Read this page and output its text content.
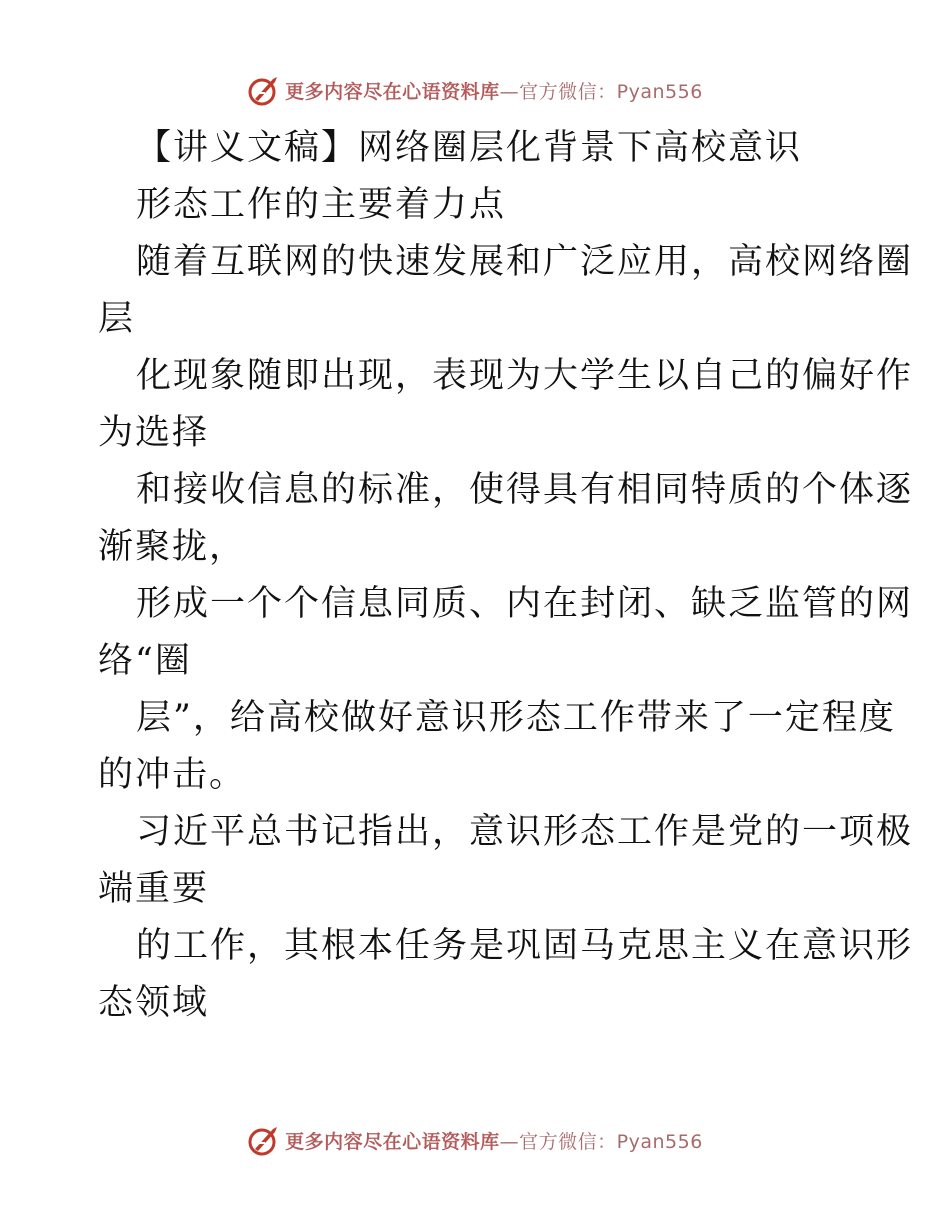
更多内容尽在心语资料库—官方微信：Pyan556
【讲义文稿】网络圈层化背景下高校意识
形态工作的主要着力点
随着互联网的快速发展和广泛应用，高校网络圈
层
化现象随即出现，表现为大学生以自己的偏好作
为选择
和接收信息的标准，使得具有相同特质的个体逐
渐聚拢，
形成一个个信息同质、内在封闭、缺乏监管的网
络“圈
层”，给高校做好意识形态工作带来了一定程度
的冲击。
习近平总书记指出，意识形态工作是党的一项极
端重要
的工作，其根本任务是巩固马克思主义在意识形
态领域
更多内容尽在心语资料库—官方微信：Pyan556
